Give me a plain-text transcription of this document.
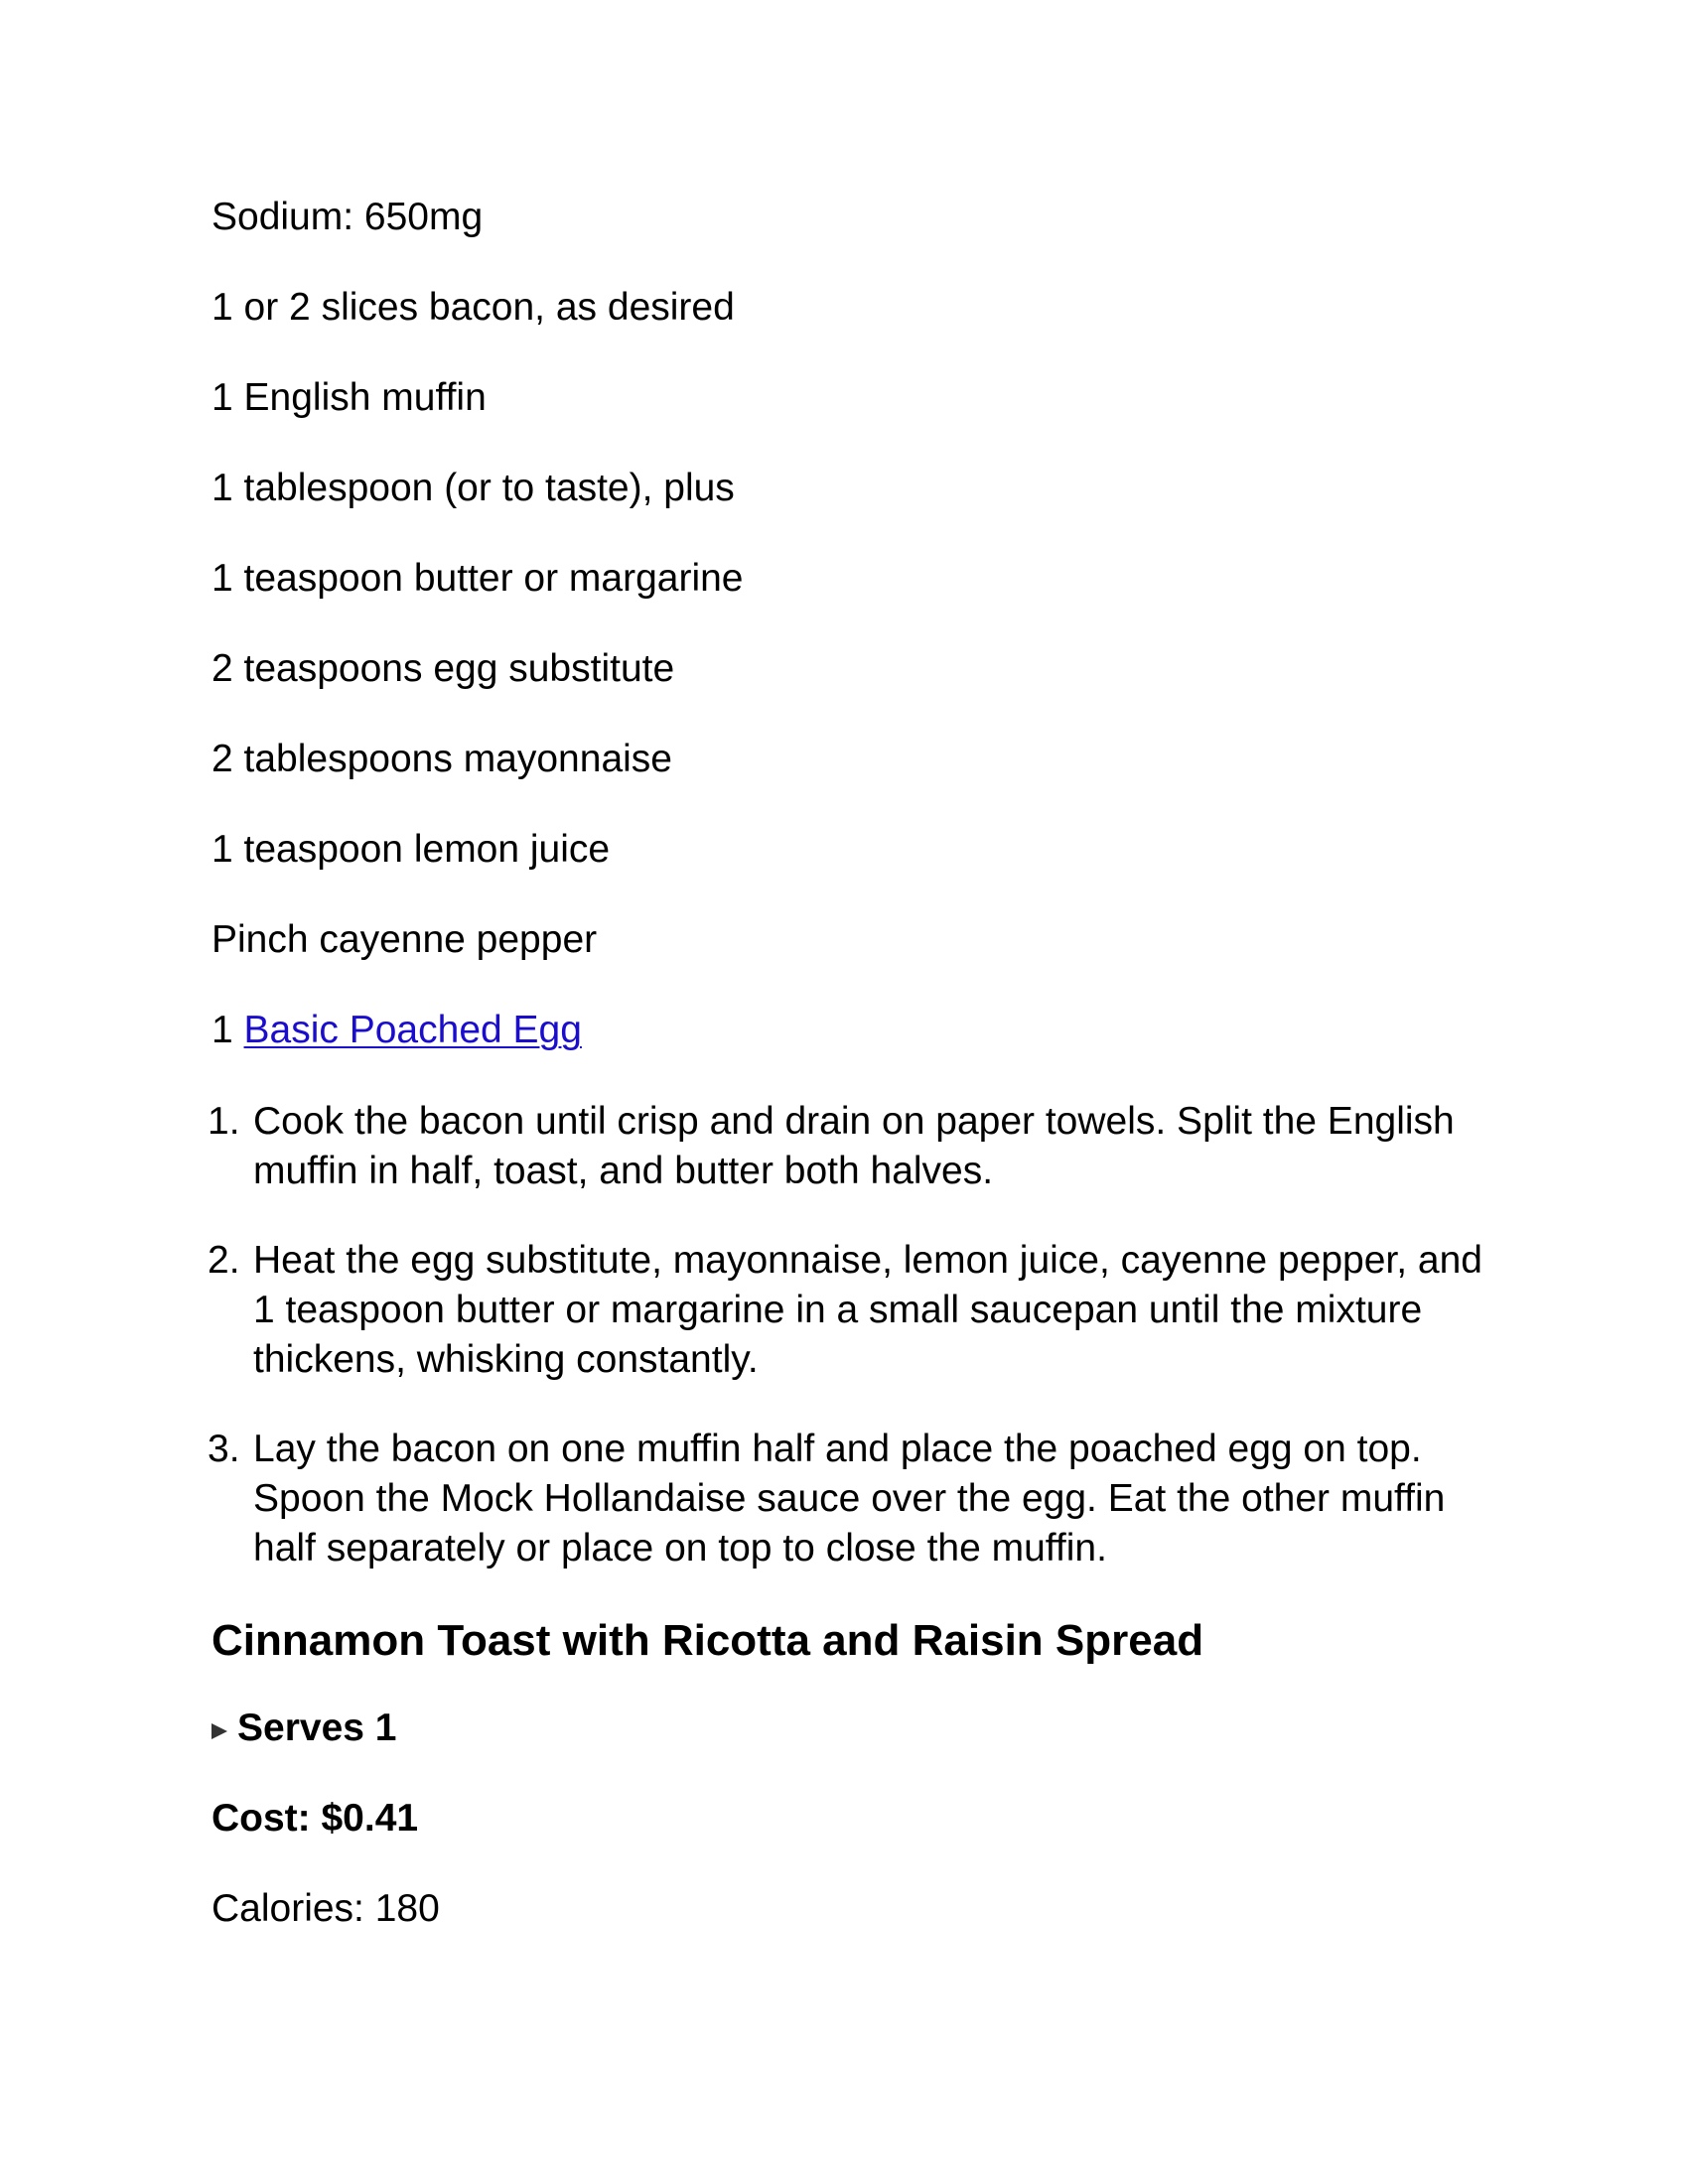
Sodium: 650mg
1 or 2 slices bacon, as desired
1 English muffin
1 tablespoon (or to taste), plus
1 teaspoon butter or margarine
2 teaspoons egg substitute
2 tablespoons mayonnaise
1 teaspoon lemon juice
Pinch cayenne pepper
1 Basic Poached Egg
1. Cook the bacon until crisp and drain on paper towels. Split the English muffin in half, toast, and butter both halves.
2. Heat the egg substitute, mayonnaise, lemon juice, cayenne pepper, and 1 teaspoon butter or margarine in a small saucepan until the mixture thickens, whisking constantly.
3. Lay the bacon on one muffin half and place the poached egg on top. Spoon the Mock Hollandaise sauce over the egg. Eat the other muffin half separately or place on top to close the muffin.
Cinnamon Toast with Ricotta and Raisin Spread
Serves 1
Cost: $0.41
Calories: 180
